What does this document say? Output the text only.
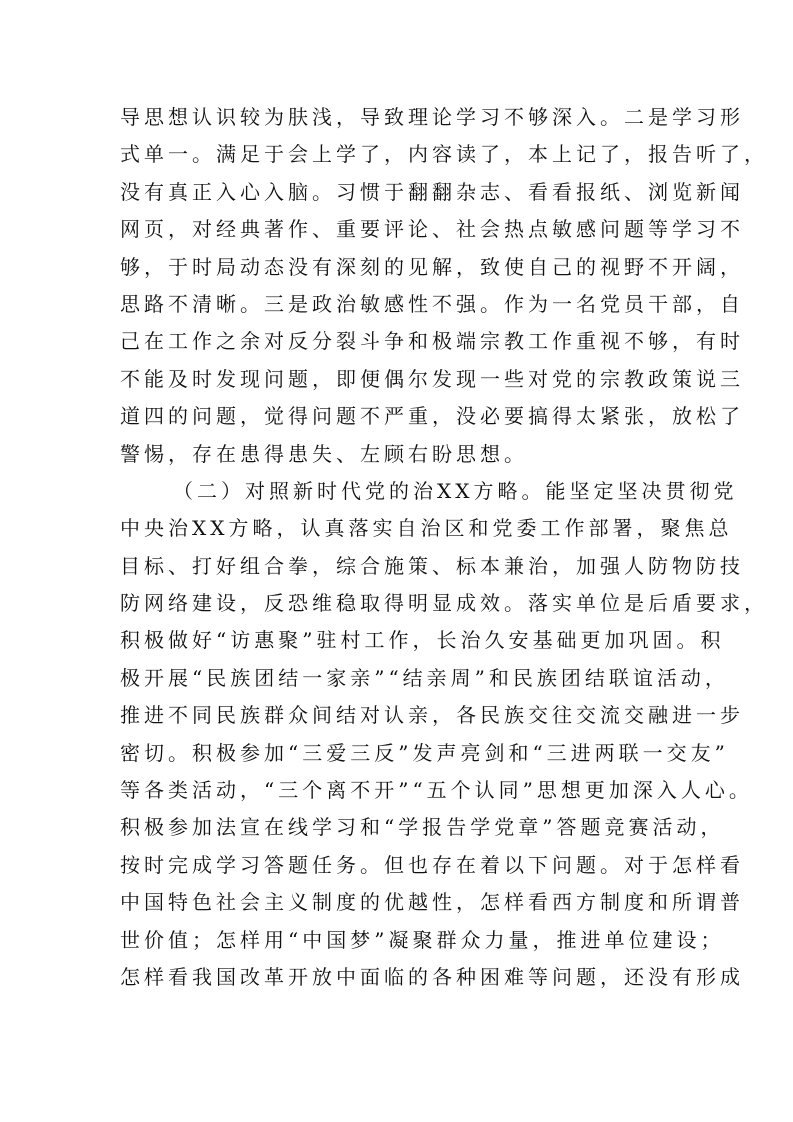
导思想认识较为肤浅，导致理论学习不够深入。二是学习形
式单一。满足于会上学了，内容读了，本上记了，报告听了，
没有真正入心入脑。习惯于翻翻杂志、看看报纸、浏览新闻
网页，对经典著作、重要评论、社会热点敏感问题等学习不
够，于时局动态没有深刻的见解，致使自己的视野不开阔，
思路不清晰。三是政治敏感性不强。作为一名党员干部，自
己在工作之余对反分裂斗争和极端宗教工作重视不够，有时
不能及时发现问题，即便偶尔发现一些对党的宗教政策说三
道四的问题，觉得问题不严重，没必要搞得太紧张，放松了
警惕，存在患得患失、左顾右盼思想。
（二）对照新时代党的治XX方略。能坚定坚决贯彻党
中央治XX方略，认真落实自治区和党委工作部署，聚焦总
目标、打好组合拳，综合施策、标本兼治，加强人防物防技
防网络建设，反恐维稳取得明显成效。落实单位是后盾要求，
积极做好“访惠聚”驻村工作，长治久安基础更加巩固。积
极开展“民族团结一家亲”“结亲周”和民族团结联谊活动，
推进不同民族群众间结对认亲，各民族交往交流交融进一步
密切。积极参加“三爱三反”发声亮剑和“三进两联一交友”
等各类活动，“三个离不开”“五个认同”思想更加深入人心。
积极参加法宣在线学习和“学报告学党章”答题竞赛活动，
按时完成学习答题任务。但也存在着以下问题。对于怎样看
中国特色社会主义制度的优越性，怎样看西方制度和所谓普
世价值；怎样用“中国梦”凝聚群众力量，推进单位建设；
怎样看我国改革开放中面临的各种困难等问题，还没有形成
